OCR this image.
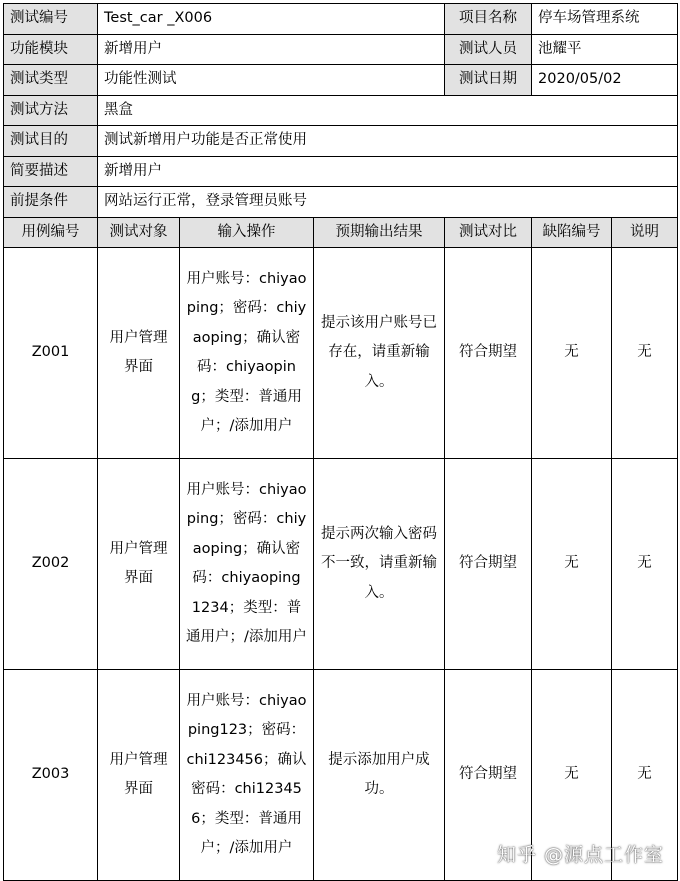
测试编号	Test_car _X006			项目名称	停车场管理系统	
功能模块	新增用户			测试人员	池耀平	
测试类型	功能性测试			测试日期	2020/05/02	
测试方法	黑盒					
测试目的	测试新增用户功能是否正常使用					
简要描述	新增用户					
前提条件	网站运行正常，登录管理员账号					
用例编号	测试对象	输入操作	预期输出结果	测试对比	缺陷编号	说明
Z001	用户管理界面	用户账号：chiyaoping；密码：chiyaoping；确认密码：chiyaoping；类型：普通用户；/添加用户	提示该用户账号已存在，请重新输入。	符合期望	无	无
Z002	用户管理界面	用户账号：chiyaoping；密码：chiyaoping；确认密码：chiyaoping 1234；类型：普通用户；/添加用户	提示两次输入密码不一致，请重新输入。	符合期望	无	无
Z003	用户管理界面	用户账号：chiyaoping123；密码：chi123456；确认密码：chi123456；类型：普通用户；/添加用户	提示添加用户成功。	符合期望	无	无
知乎 @源点工作室
